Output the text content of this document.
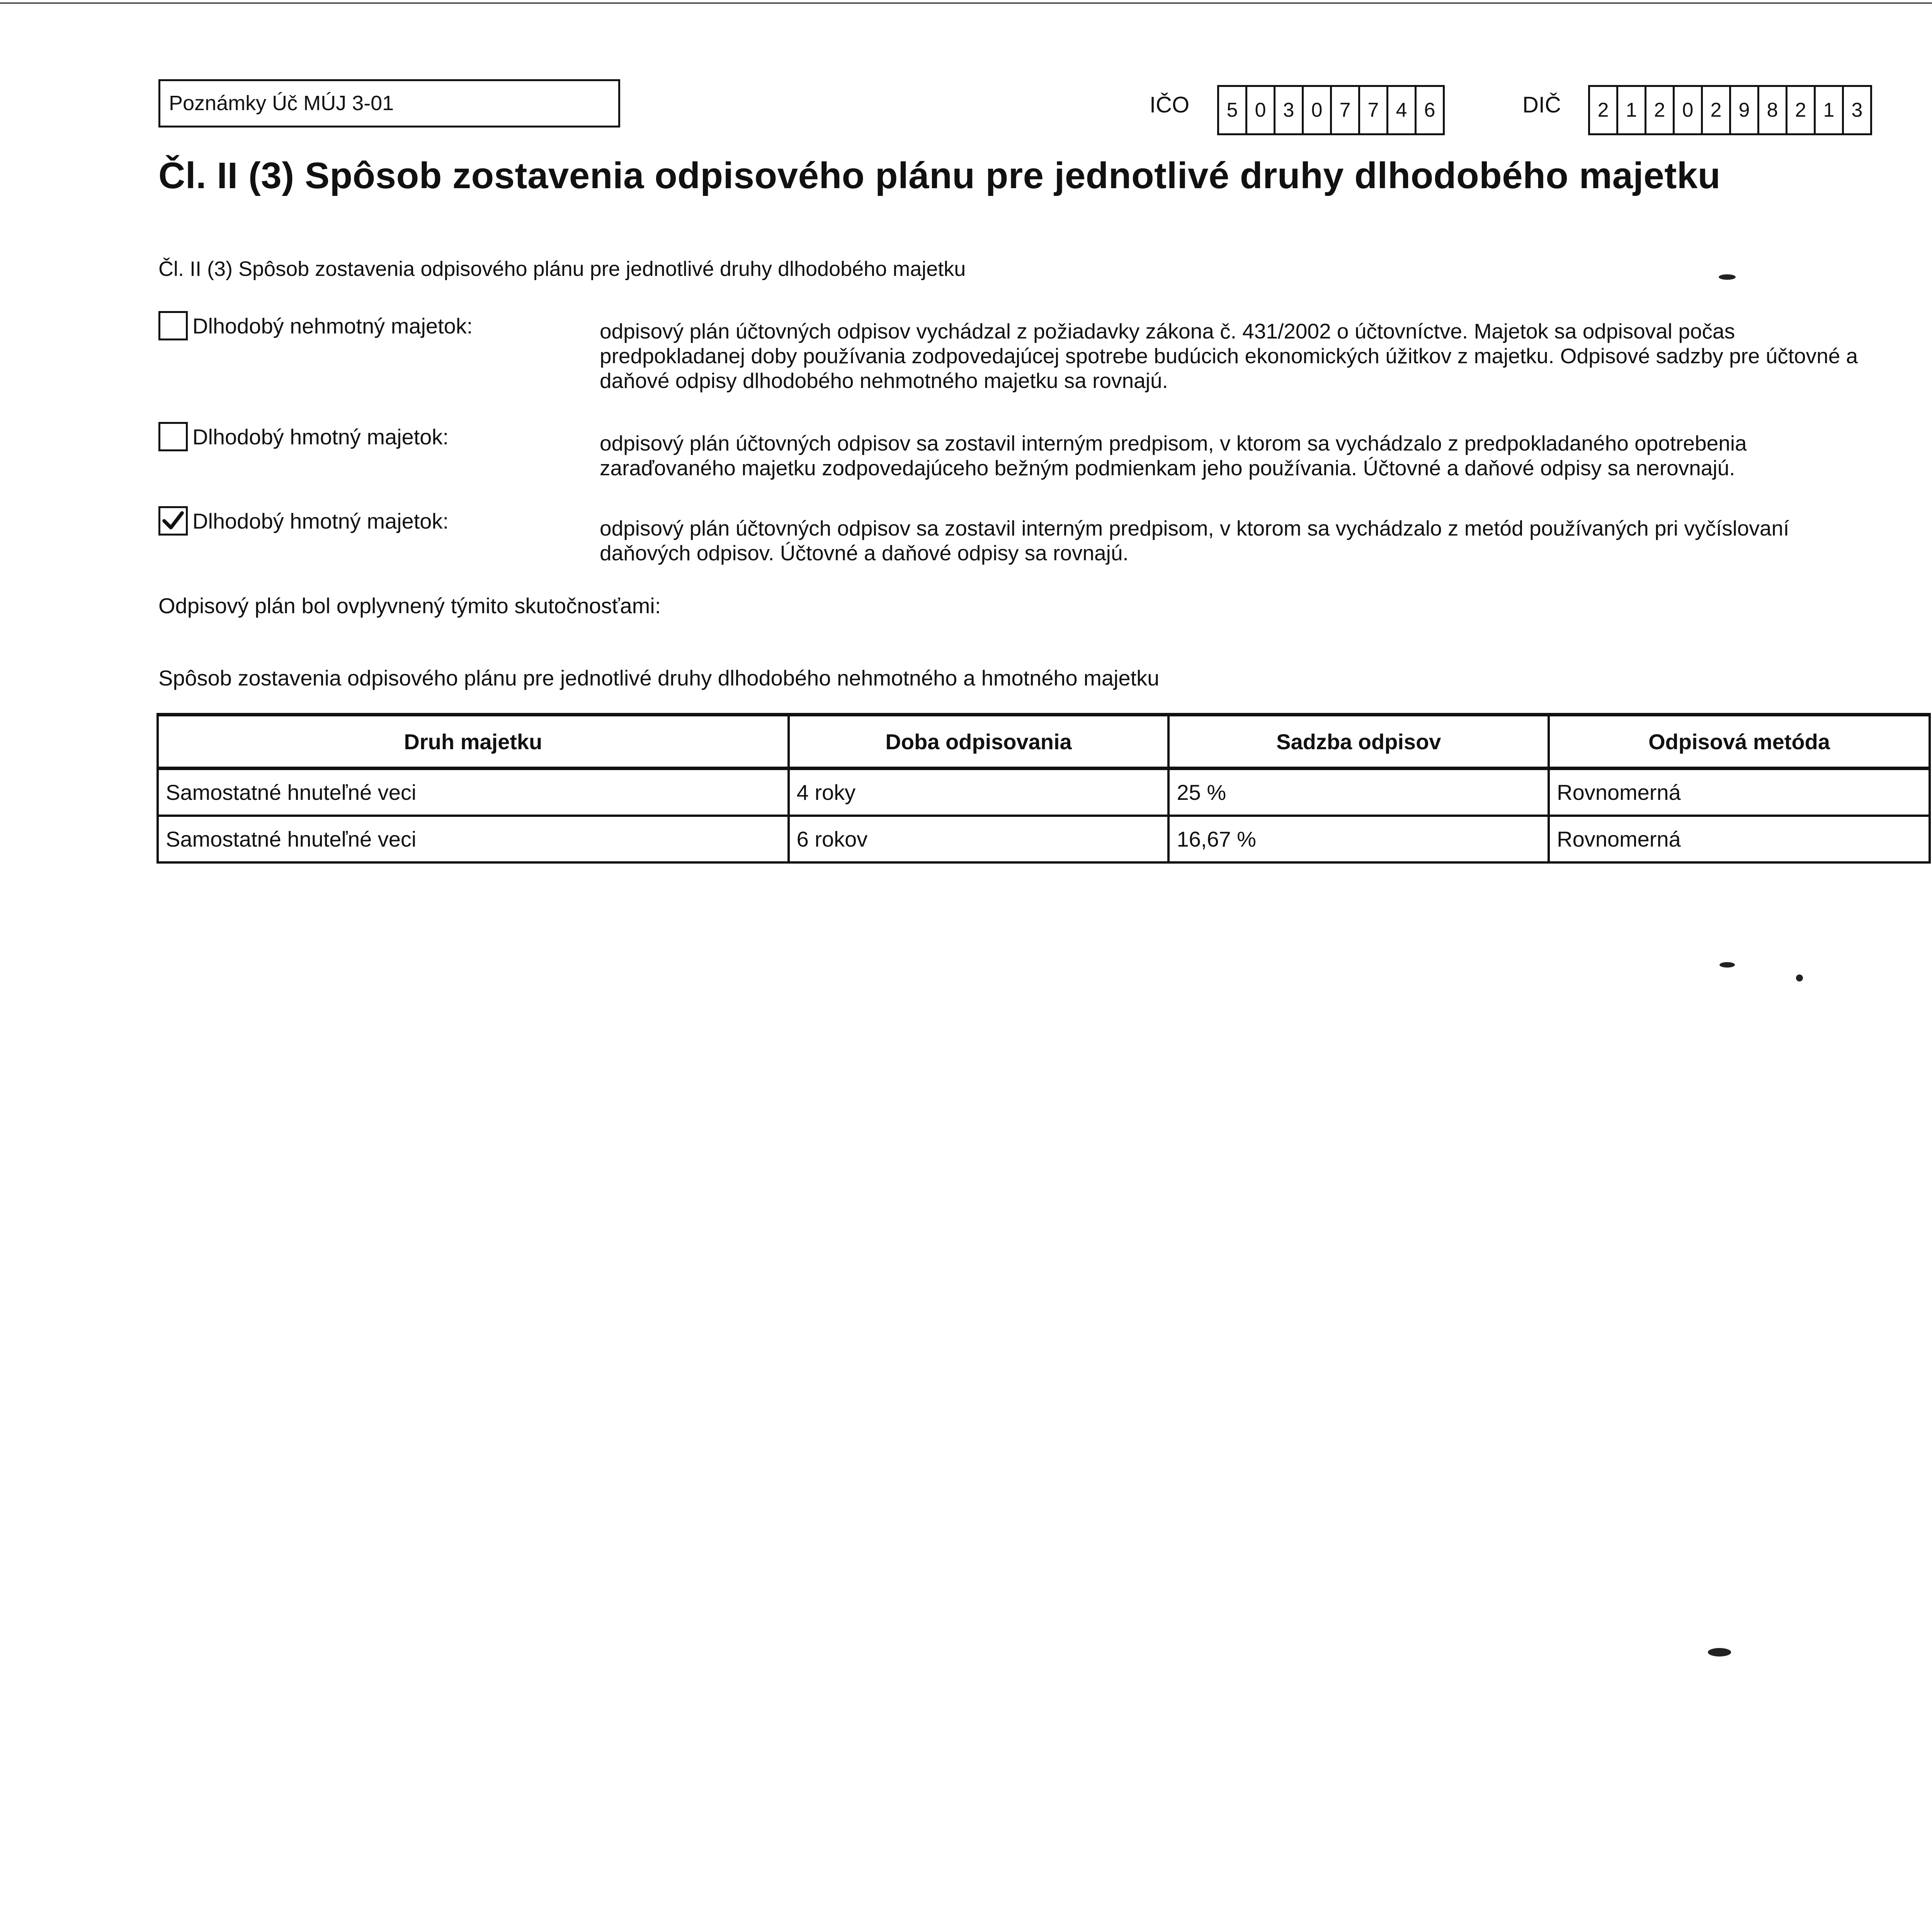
Poznámky Úč MÚJ 3-01	IČO	5 0 3 0 7 7 4 6	DIČ	2 1 2 0 2 9 8 2 1 3
Čl. II (3) Spôsob zostavenia odpisového plánu pre jednotlivé druhy dlhodobého majetku
Čl. II (3) Spôsob zostavenia odpisového plánu pre jednotlivé druhy dlhodobého majetku
Dlhodobý nehmotný majetok:	odpisový plán účtovných odpisov vychádzal z požiadavky zákona č. 431/2002 o účtovníctve. Majetok sa odpisoval počas predpokladanej doby používania zodpovedajúcej spotrebe budúcich ekonomických úžitkov z majetku. Odpisové sadzby pre účtovné a daňové odpisy dlhodobého nehmotného majetku sa rovnajú.
Dlhodobý hmotný majetok:	odpisový plán účtovných odpisov sa zostavil interným predpisom, v ktorom sa vychádzalo z predpokladaného opotrebenia zaraďovaného majetku zodpovedajúceho bežným podmienkam jeho používania. Účtovné a daňové odpisy sa nerovnajú.
Dlhodobý hmotný majetok:	odpisový plán účtovných odpisov sa zostavil interným predpisom, v ktorom sa vychádzalo z metód používaných pri vyčíslovaní daňových odpisov. Účtovné a daňové odpisy sa rovnajú.
Odpisový plán bol ovplyvnený týmito skutočnosťami:
Spôsob zostavenia odpisového plánu pre jednotlivé druhy dlhodobého nehmotného a hmotného majetku
Druh majetku	Doba odpisovania	Sadzba odpisov	Odpisová metóda
Samostatné hnuteľné veci	4 roky	25 %	Rovnomerná
Samostatné hnuteľné veci	6 rokov	16,67 %	Rovnomerná
